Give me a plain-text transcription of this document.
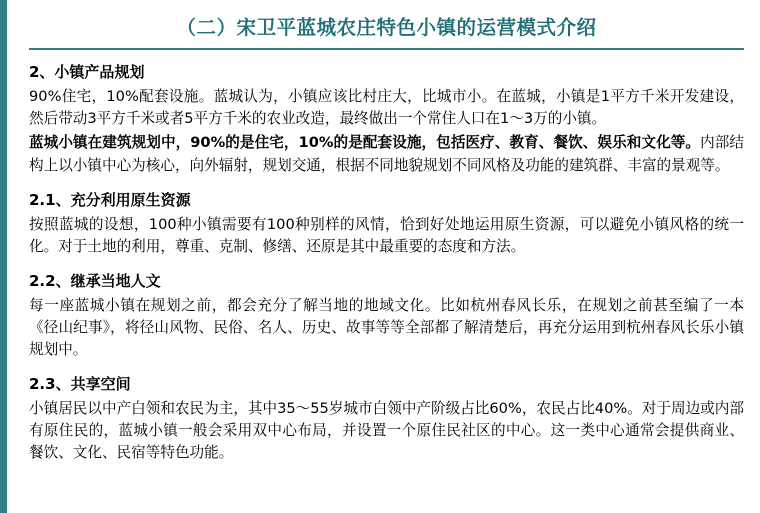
（二）宋卫平蓝城农庄特色小镇的运营模式介绍
2、小镇产品规划

90%住宅，10%配套设施。蓝城认为，小镇应该比村庄大，比城市小。在蓝城，小镇是1平方千米开发建设，然后带动3平方千米或者5平方千米的农业改造，最终做出一个常住人口在1～3万的小镇。

蓝城小镇在建筑规划中，90%的是住宅，10%的是配套设施，包括医疗、教育、餐饮、娱乐和文化等。内部结构上以小镇中心为核心，向外辐射，规划交通，根据不同地貌规划不同风格及功能的建筑群、丰富的景观等。

2.1、充分利用原生资源

按照蓝城的设想，100种小镇需要有100种别样的风情，恰到好处地运用原生资源，可以避免小镇风格的统一化。对于土地的利用，尊重、克制、修缮、还原是其中最重要的态度和方法。

2.2、继承当地人文

每一座蓝城小镇在规划之前，都会充分了解当地的地域文化。比如杭州春风长乐，在规划之前甚至编了一本《径山纪事》，将径山风物、民俗、名人、历史、故事等等全部都了解清楚后，再充分运用到杭州春风长乐小镇规划中。

2.3、共享空间

小镇居民以中产白领和农民为主，其中35～55岁城市白领中产阶级占比60%，农民占比40%。对于周边或内部有原住民的，蓝城小镇一般会采用双中心布局，并设置一个原住民社区的中心。这一类中心通常会提供商业、餐饮、文化、民宿等特色功能。
